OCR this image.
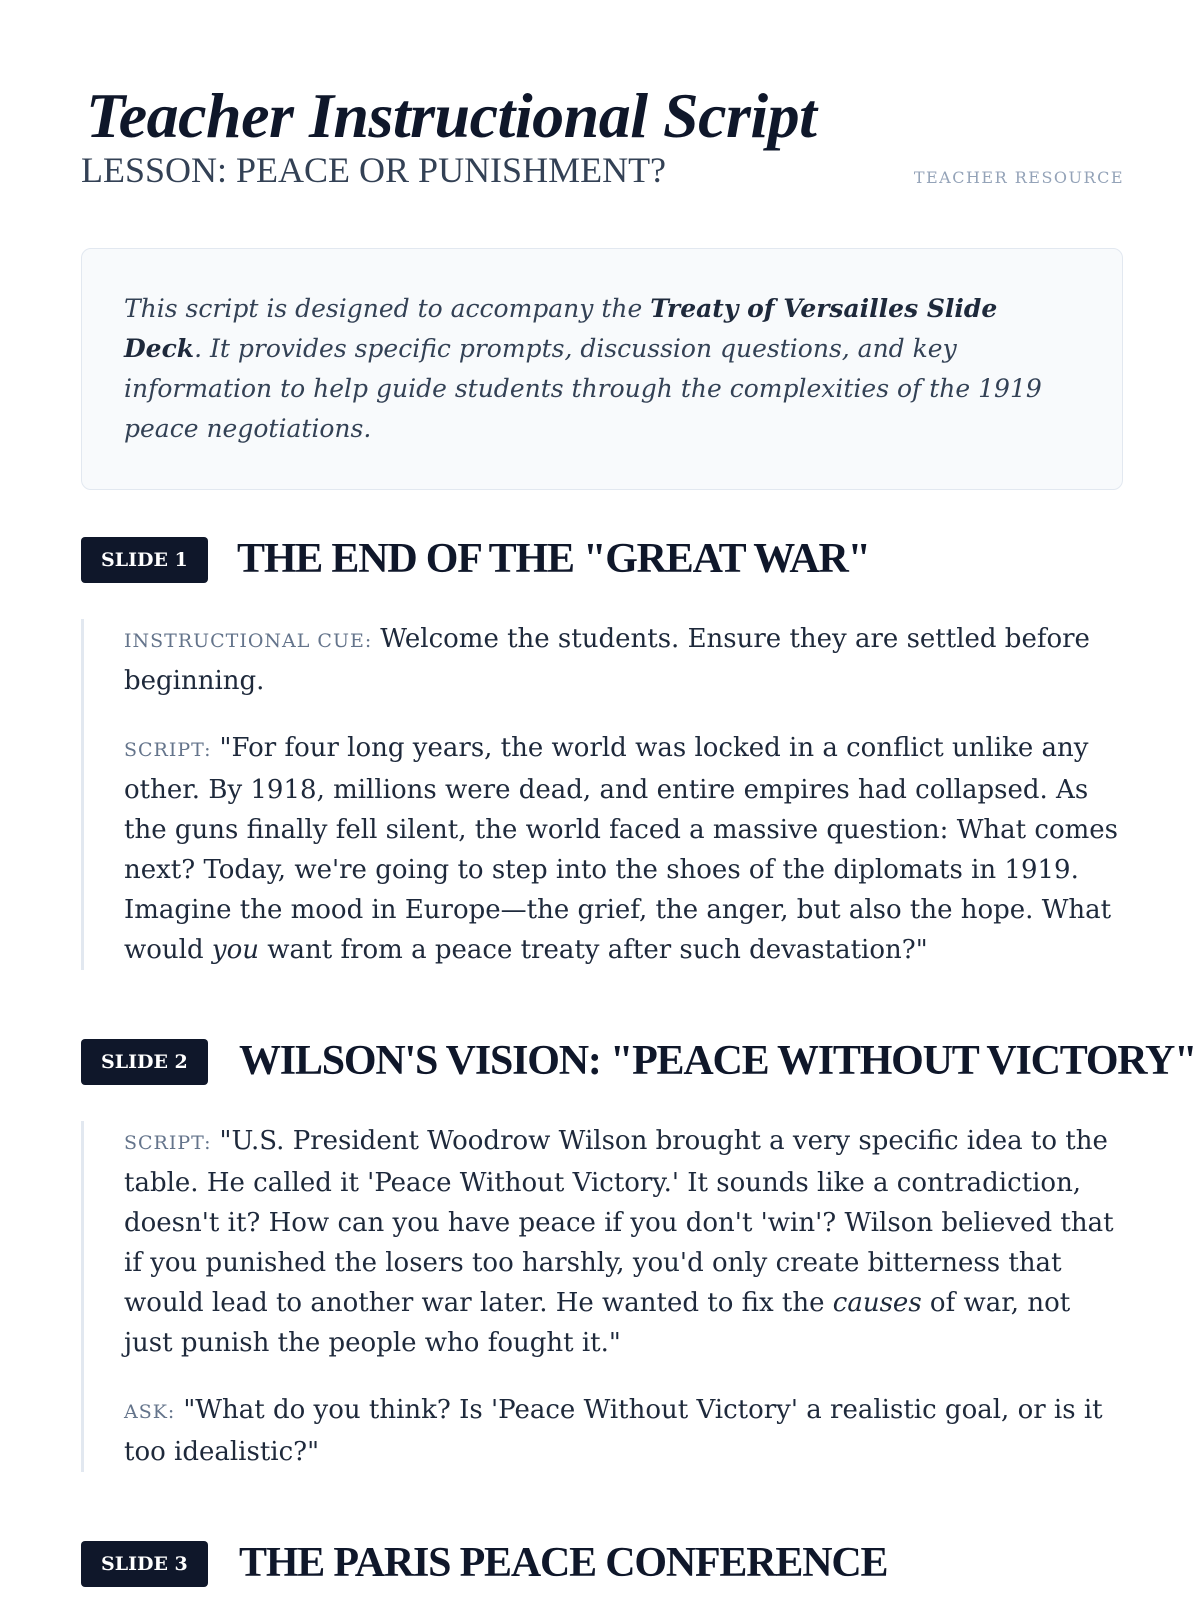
Teacher Instructional Script
LESSON: PEACE OR PUNISHMENT?	TEACHER RESOURCE

This script is designed to accompany the Treaty of Versailles Slide Deck. It provides specific prompts, discussion questions, and key information to help guide students through the complexities of the 1919 peace negotiations.

SLIDE 1	THE END OF THE "GREAT WAR"

INSTRUCTIONAL CUE: Welcome the students. Ensure they are settled before beginning.

SCRIPT: "For four long years, the world was locked in a conflict unlike any other. By 1918, millions were dead, and entire empires had collapsed. As the guns finally fell silent, the world faced a massive question: What comes next? Today, we're going to step into the shoes of the diplomats in 1919. Imagine the mood in Europe—the grief, the anger, but also the hope. What would you want from a peace treaty after such devastation?"

SLIDE 2	WILSON'S VISION: "PEACE WITHOUT VICTORY"

SCRIPT: "U.S. President Woodrow Wilson brought a very specific idea to the table. He called it 'Peace Without Victory.' It sounds like a contradiction, doesn't it? How can you have peace if you don't 'win'? Wilson believed that if you punished the losers too harshly, you'd only create bitterness that would lead to another war later. He wanted to fix the causes of war, not just punish the people who fought it."

ASK: "What do you think? Is 'Peace Without Victory' a realistic goal, or is it too idealistic?"

SLIDE 3	THE PARIS PEACE CONFERENCE
